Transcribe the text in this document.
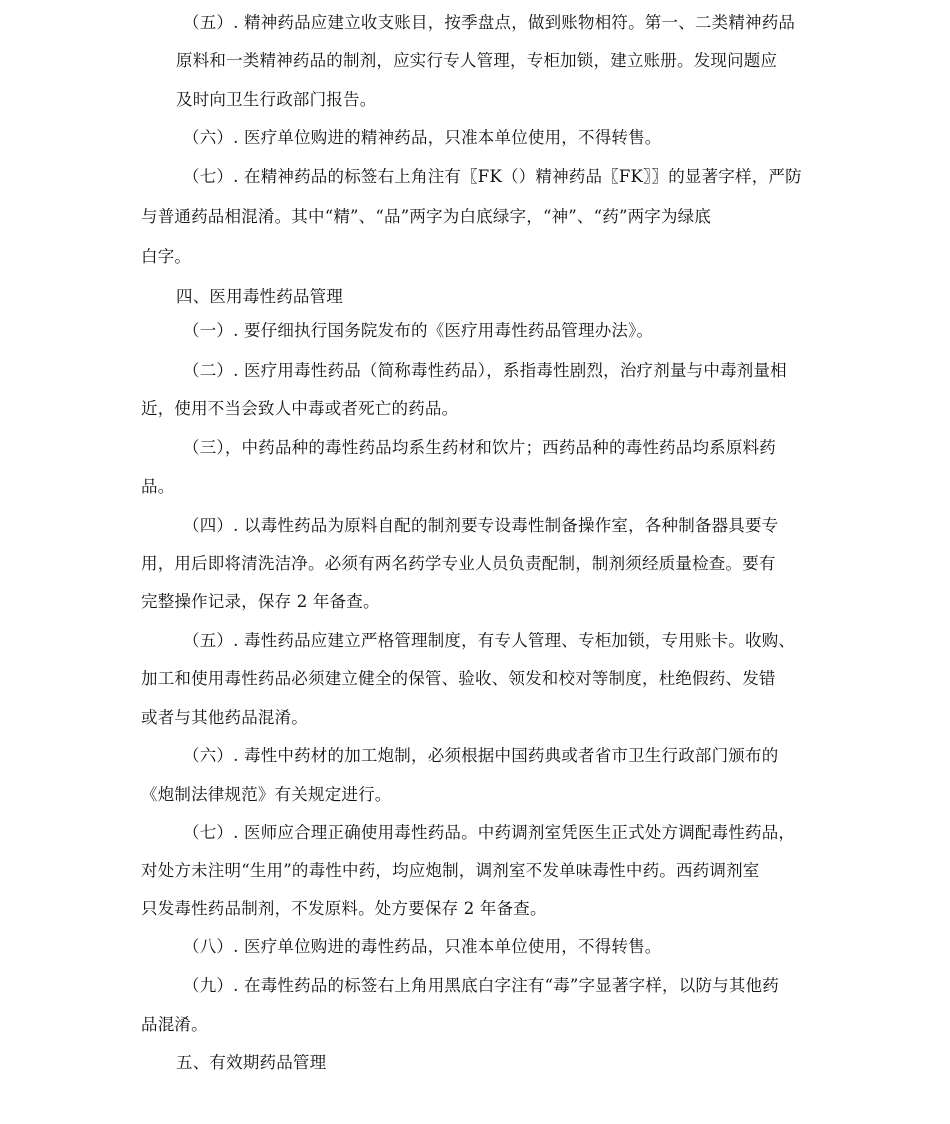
（五）. 精神药品应建立收支账目，按季盘点，做到账物相符。第一、二类精神药品
原料和一类精神药品的制剂，应实行专人管理，专柜加锁，建立账册。发现问题应
及时向卫生行政部门报告。
（六）. 医疗单位购进的精神药品，只准本单位使用，不得转售。
（七）. 在精神药品的标签右上角注有〖FK（）精神药品〖FK〗〗的显著字样，严防
与普通药品相混淆。其中“精”、“品”两字为白底绿字，“神”、“药”两字为绿底
白字。
四、医用毒性药品管理
（一）. 要仔细执行国务院发布的《医疗用毒性药品管理办法》。
（二）. 医疗用毒性药品（简称毒性药品），系指毒性剧烈，治疗剂量与中毒剂量相
近，使用不当会致人中毒或者死亡的药品。
（三），中药品种的毒性药品均系生药材和饮片；西药品种的毒性药品均系原料药
品。
（四）. 以毒性药品为原料自配的制剂要专设毒性制备操作室，各种制备器具要专
用，用后即将清洗洁净。必须有两名药学专业人员负责配制，制剂须经质量检查。要有
完整操作记录，保存 2 年备查。
（五）. 毒性药品应建立严格管理制度，有专人管理、专柜加锁，专用账卡。收购、
加工和使用毒性药品必须建立健全的保管、验收、领发和校对等制度，杜绝假药、发错
或者与其他药品混淆。
（六）. 毒性中药材的加工炮制，必须根据中国药典或者省市卫生行政部门颁布的
《炮制法律规范》有关规定进行。
（七）. 医师应合理正确使用毒性药品。中药调剂室凭医生正式处方调配毒性药品，
对处方未注明“生用”的毒性中药，均应炮制，调剂室不发单味毒性中药。西药调剂室
只发毒性药品制剂，不发原料。处方要保存 2 年备查。
（八）. 医疗单位购进的毒性药品，只准本单位使用，不得转售。
（九）. 在毒性药品的标签右上角用黑底白字注有“毒”字显著字样，以防与其他药
品混淆。
五、有效期药品管理
